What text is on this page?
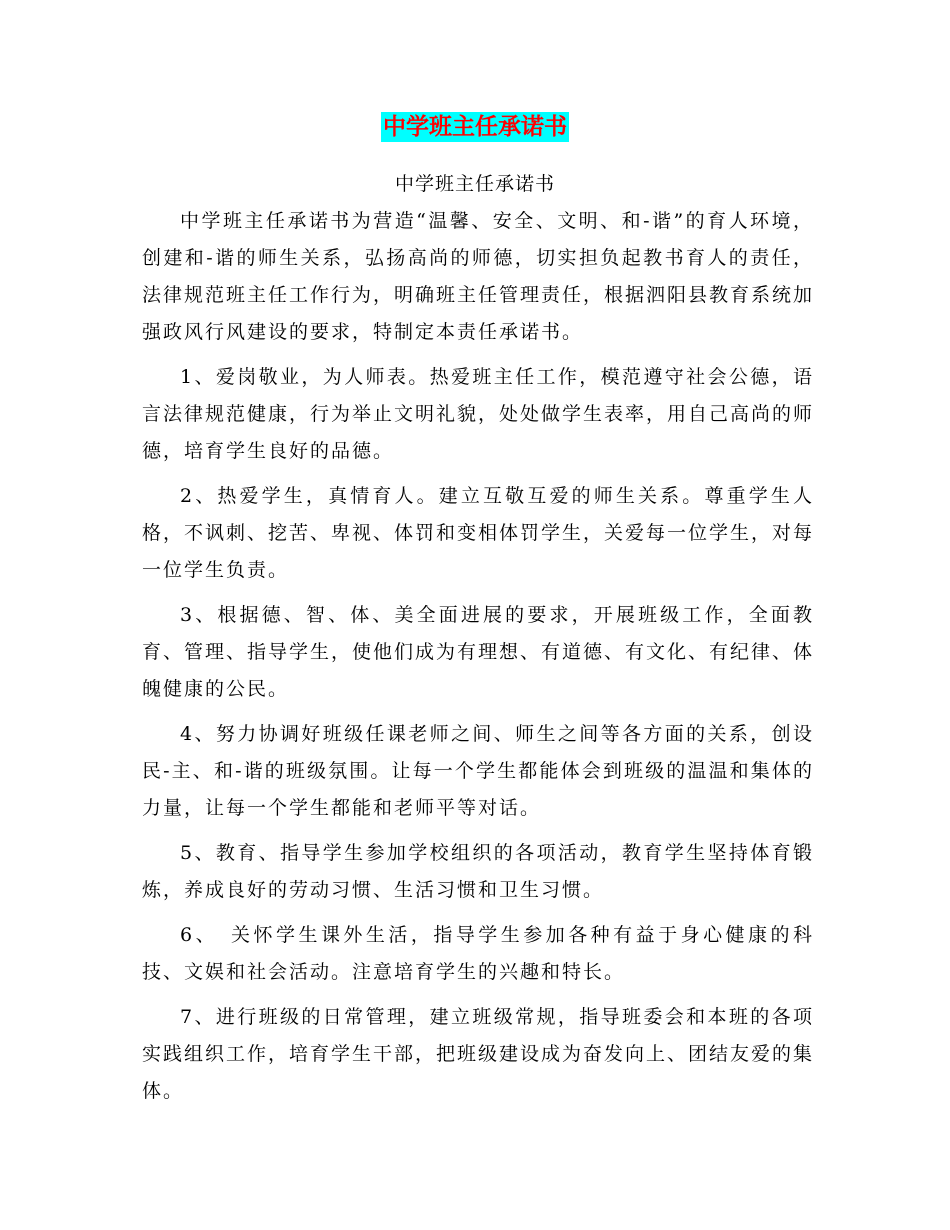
中学班主任承诺书
中学班主任承诺书

中学班主任承诺书为营造“温馨、安全、文明、和-谐”的育人环境，创建和-谐的师生关系，弘扬高尚的师德，切实担负起教书育人的责任，法律规范班主任工作行为，明确班主任管理责任，根据泗阳县教育系统加强政风行风建设的要求，特制定本责任承诺书。

1、爱岗敬业，为人师表。热爱班主任工作，模范遵守社会公德，语言法律规范健康，行为举止文明礼貌，处处做学生表率，用自己高尚的师德，培育学生良好的品德。

2、热爱学生，真情育人。建立互敬互爱的师生关系。尊重学生人格，不讽刺、挖苦、卑视、体罚和变相体罚学生，关爱每一位学生，对每一位学生负责。

3、根据德、智、体、美全面进展的要求，开展班级工作，全面教育、管理、指导学生，使他们成为有理想、有道德、有文化、有纪律、体魄健康的公民。

4、努力协调好班级任课老师之间、师生之间等各方面的关系，创设民-主、和-谐的班级氛围。让每一个学生都能体会到班级的温温和集体的力量，让每一个学生都能和老师平等对话。

5、教育、指导学生参加学校组织的各项活动，教育学生坚持体育锻炼，养成良好的劳动习惯、生活习惯和卫生习惯。

6、　关怀学生课外生活，指导学生参加各种有益于身心健康的科技、文娱和社会活动。注意培育学生的兴趣和特长。

7、进行班级的日常管理，建立班级常规，指导班委会和本班的各项实践组织工作，培育学生干部，把班级建设成为奋发向上、团结友爱的集体。
